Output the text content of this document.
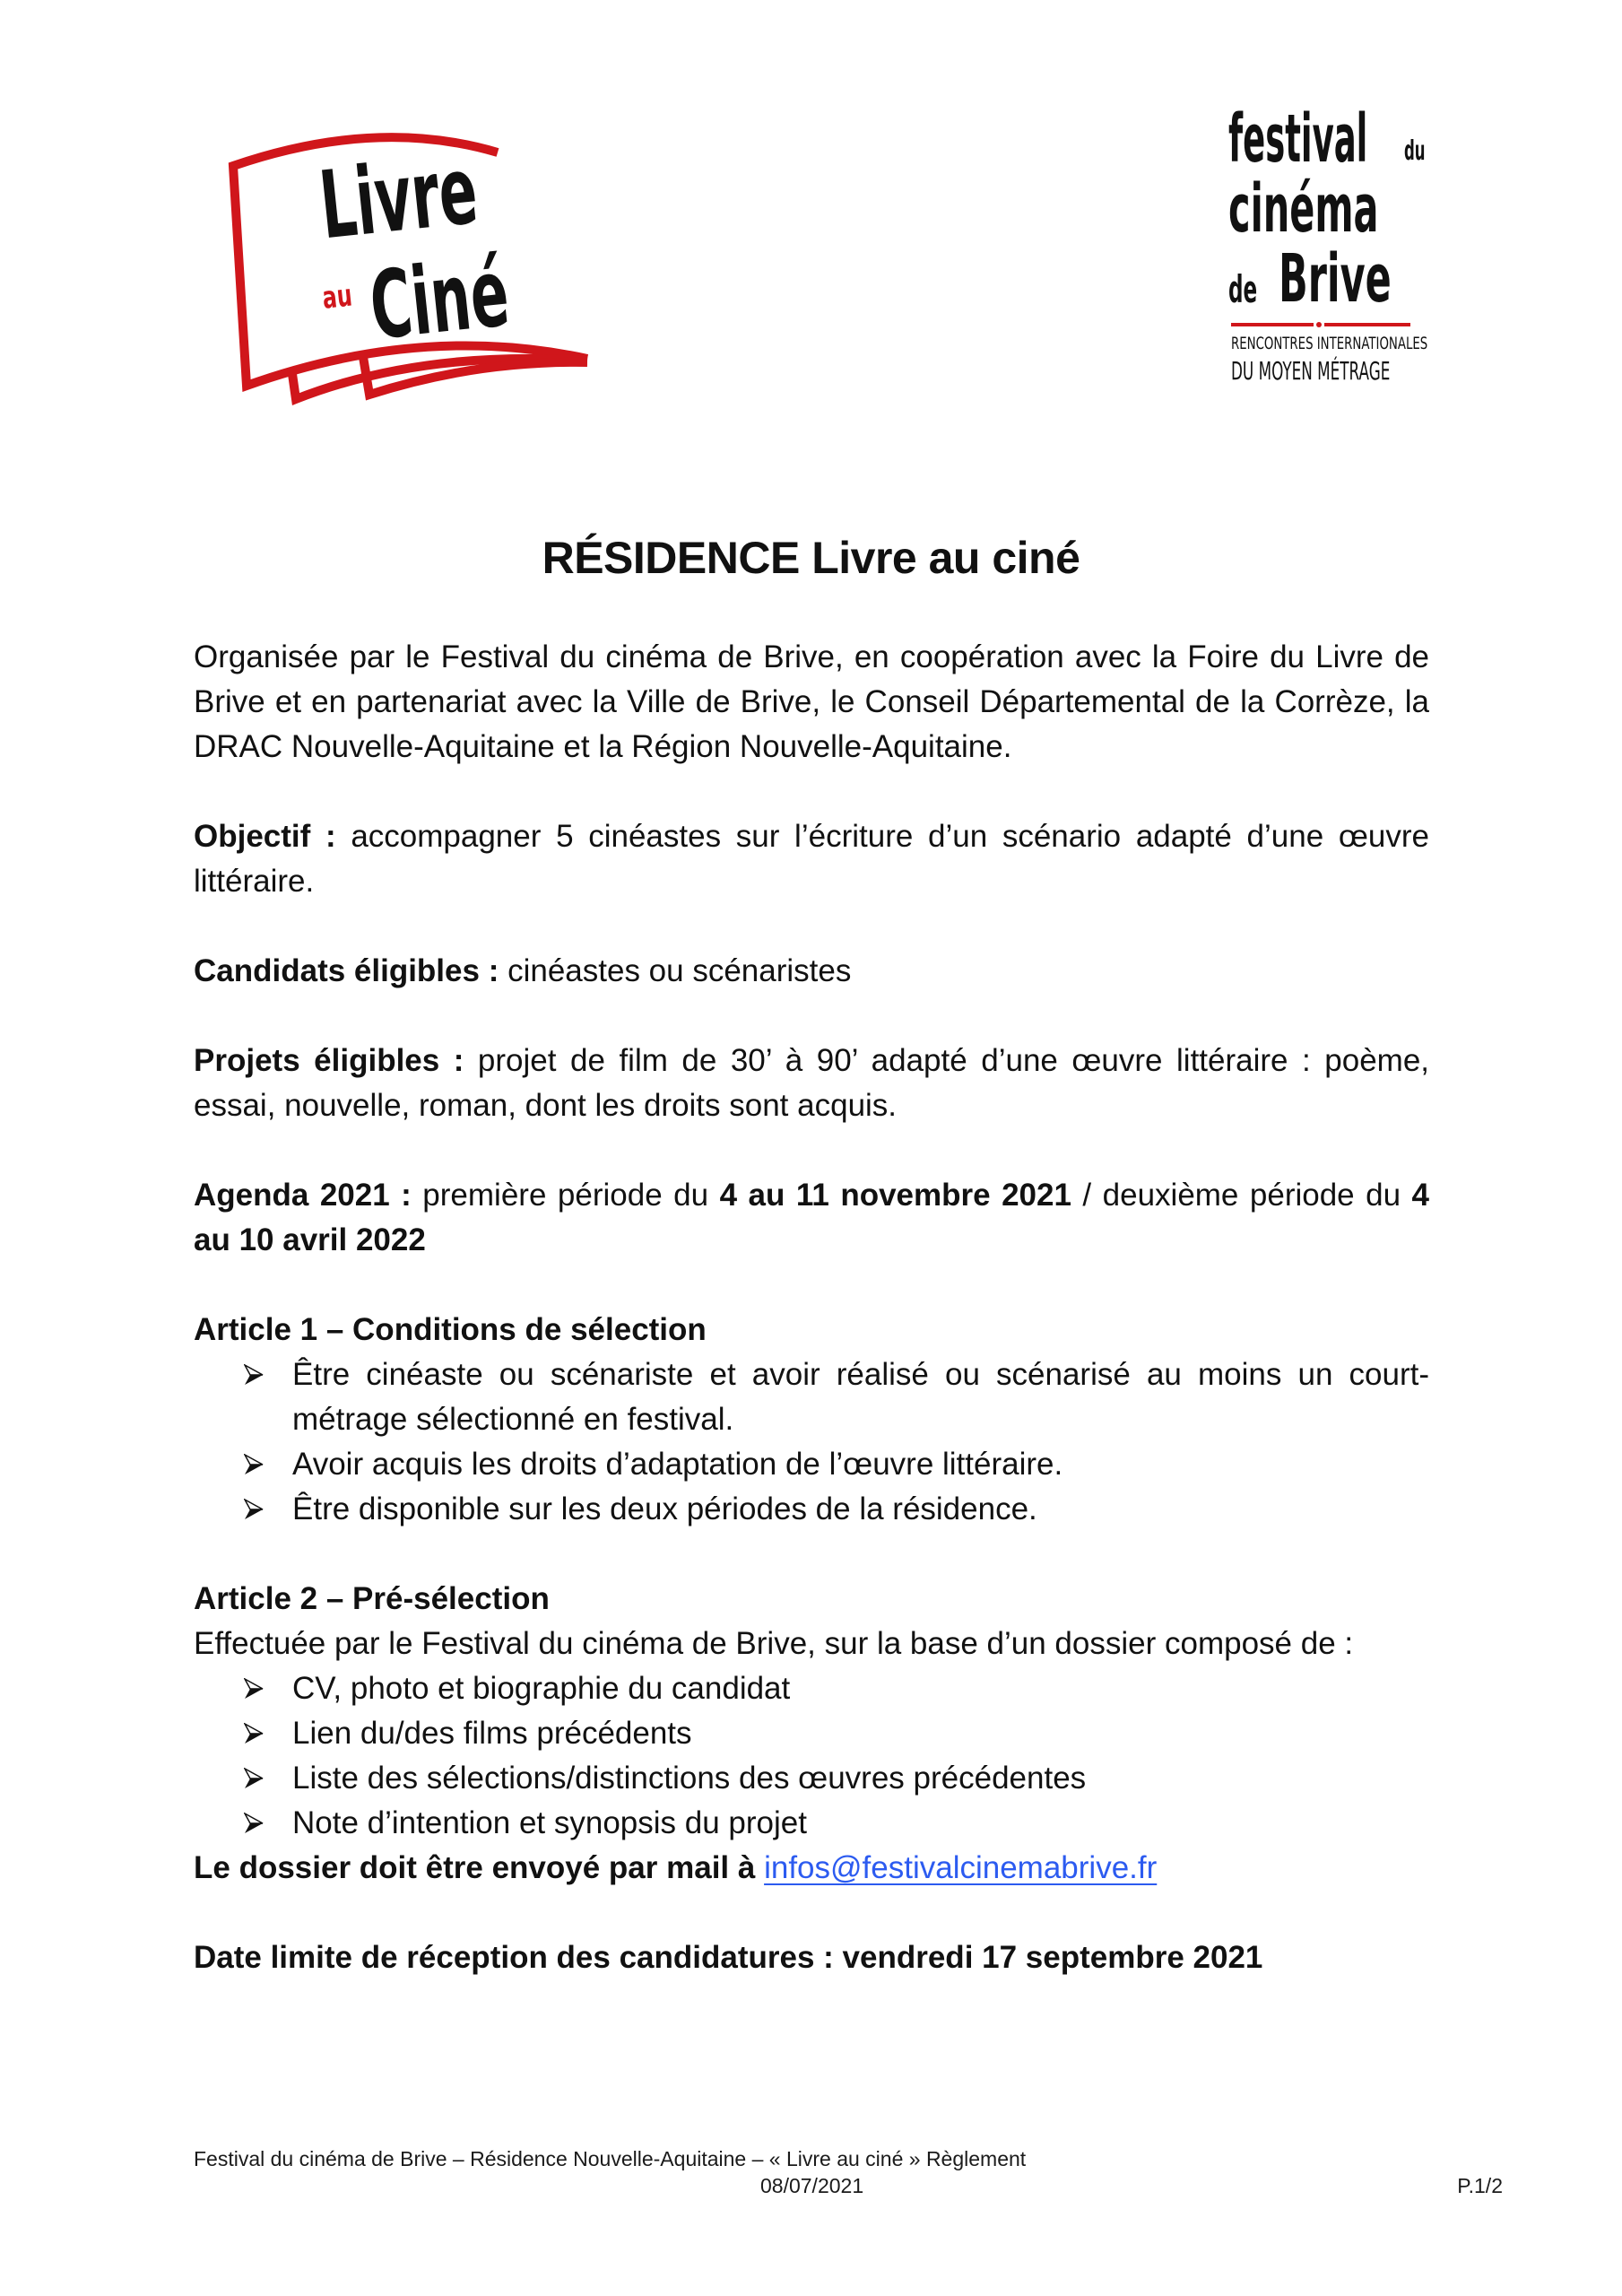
Livre
au Ciné
festival du
cinéma
de Brive
RENCONTRES INTERNATIONALES
DU MOYEN MÉTRAGE
RÉSIDENCE Livre au ciné

Organisée par le Festival du cinéma de Brive, en coopération avec la Foire du Livre de Brive et en partenariat avec la Ville de Brive, le Conseil Départemental de la Corrèze, la DRAC Nouvelle-Aquitaine et la Région Nouvelle-Aquitaine.

Objectif : accompagner 5 cinéastes sur l’écriture d’un scénario adapté d’une œuvre littéraire.

Candidats éligibles : cinéastes ou scénaristes

Projets éligibles : projet de film de 30’ à 90’ adapté d’une œuvre littéraire : poème, essai, nouvelle, roman, dont les droits sont acquis.

Agenda 2021 : première période du 4 au 11 novembre 2021 / deuxième période du 4 au 10 avril 2022

Article 1 – Conditions de sélection

Être cinéaste ou scénariste et avoir réalisé ou scénarisé au moins un court-métrage sélectionné en festival.
Avoir acquis les droits d’adaptation de l’œuvre littéraire.
Être disponible sur les deux périodes de la résidence.

Article 2 – Pré-sélection

Effectuée par le Festival du cinéma de Brive, sur la base d’un dossier composé de :

CV, photo et biographie du candidat
Lien du/des films précédents
Liste des sélections/distinctions des œuvres précédentes
Note d’intention et synopsis du projet

Le dossier doit être envoyé par mail à infos@festivalcinemabrive.fr

Date limite de réception des candidatures : vendredi 17 septembre 2021

Festival du cinéma de Brive – Résidence Nouvelle-Aquitaine – « Livre au ciné » Règlement
08/07/2021	P.1/2
